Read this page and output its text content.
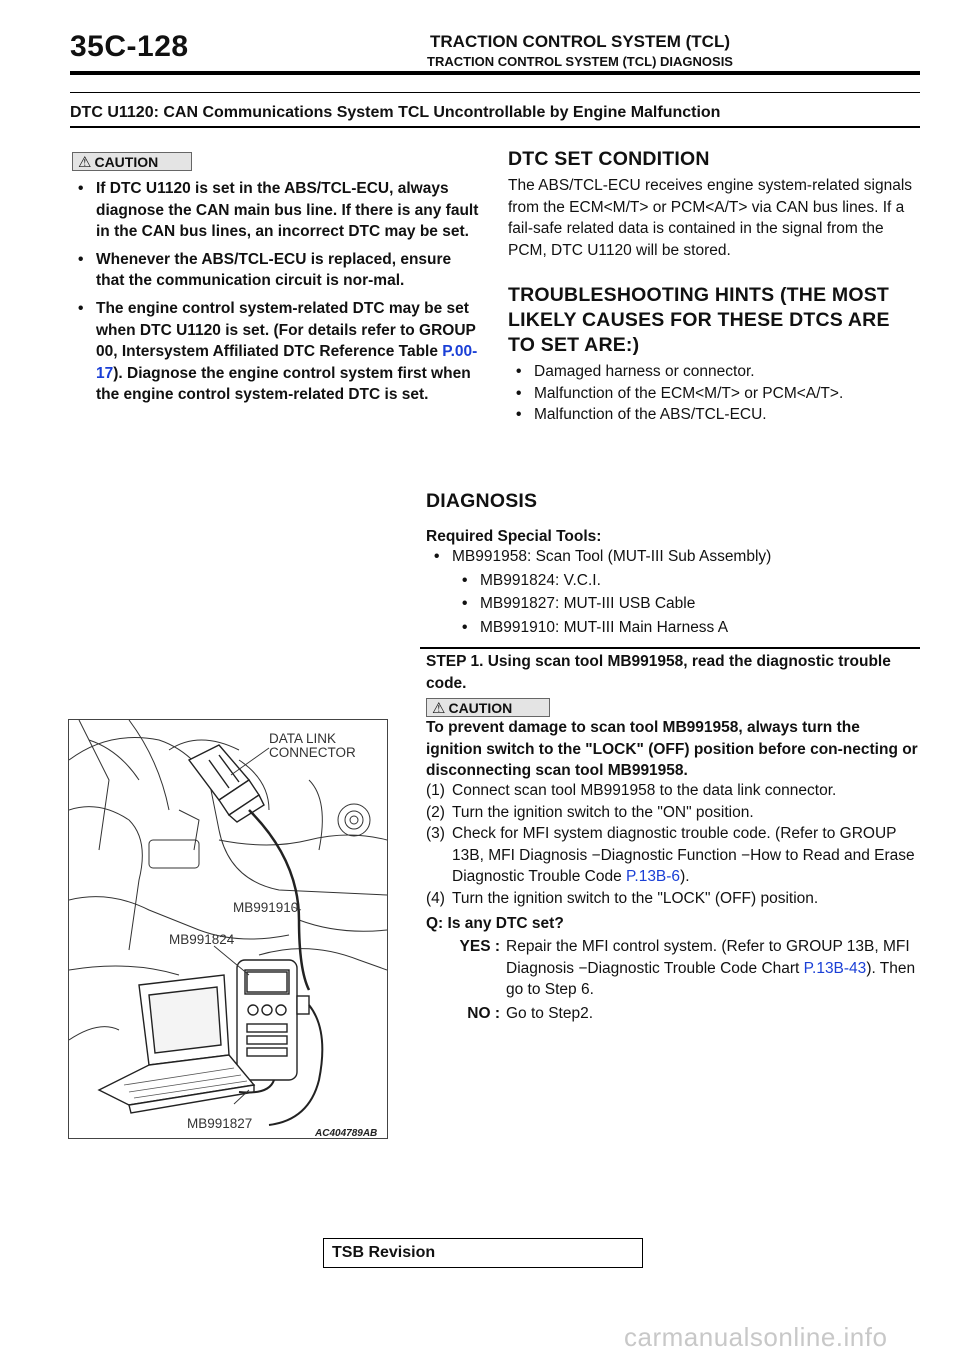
35C-128	TRACTION CONTROL SYSTEM (TCL)
TRACTION CONTROL SYSTEM (TCL) DIAGNOSIS
DTC U1120: CAN Communications System TCL Uncontrollable by Engine Malfunction
⚠ CAUTION
• If DTC U1120 is set in the ABS/TCL-ECU, always diagnose the CAN main bus line. If there is any fault in the CAN bus lines, an incorrect DTC may be set.
• Whenever the ABS/TCL-ECU is replaced, ensure that the communication circuit is nor-mal.
• The engine control system-related DTC may be set when DTC U1120 is set. (For details refer to GROUP 00, Intersystem Affiliated DTC Reference Table P.00-17). Diagnose the engine control system first when the engine control system-related DTC is set.
DTC SET CONDITION
The ABS/TCL-ECU receives engine system-related signals from the ECM<M/T> or PCM<A/T> via CAN bus lines. If a fail-safe related data is contained in the signal from the PCM, DTC U1120 will be stored.
TROUBLESHOOTING HINTS (THE MOST LIKELY CAUSES FOR THESE DTCS ARE TO SET ARE:)
• Damaged harness or connector.
• Malfunction of the ECM<M/T> or PCM<A/T>.
• Malfunction of the ABS/TCL-ECU.
DIAGNOSIS
Required Special Tools:
• MB991958: Scan Tool (MUT-III Sub Assembly)
• MB991824: V.C.I.
• MB991827: MUT-III USB Cable
• MB991910: MUT-III Main Harness A
STEP 1. Using scan tool MB991958, read the diagnostic trouble code.
⚠ CAUTION
To prevent damage to scan tool MB991958, always turn the ignition switch to the "LOCK" (OFF) position before con-necting or disconnecting scan tool MB991958.
(1) Connect scan tool MB991958 to the data link connector.
(2) Turn the ignition switch to the "ON" position.
(3) Check for MFI system diagnostic trouble code. (Refer to GROUP 13B, MFI Diagnosis −Diagnostic Function −How to Read and Erase Diagnostic Trouble Code P.13B-6).
(4) Turn the ignition switch to the "LOCK" (OFF) position.
Q: Is any DTC set?
YES : Repair the MFI control system. (Refer to GROUP 13B, MFI Diagnosis −Diagnostic Trouble Code Chart P.13B-43). Then go to Step 6.
NO : Go to Step2.
DATA LINK
CONNECTOR
MB991910
MB991824
MB991827
AC404789AB
TSB Revision
carmanualsonline.info
